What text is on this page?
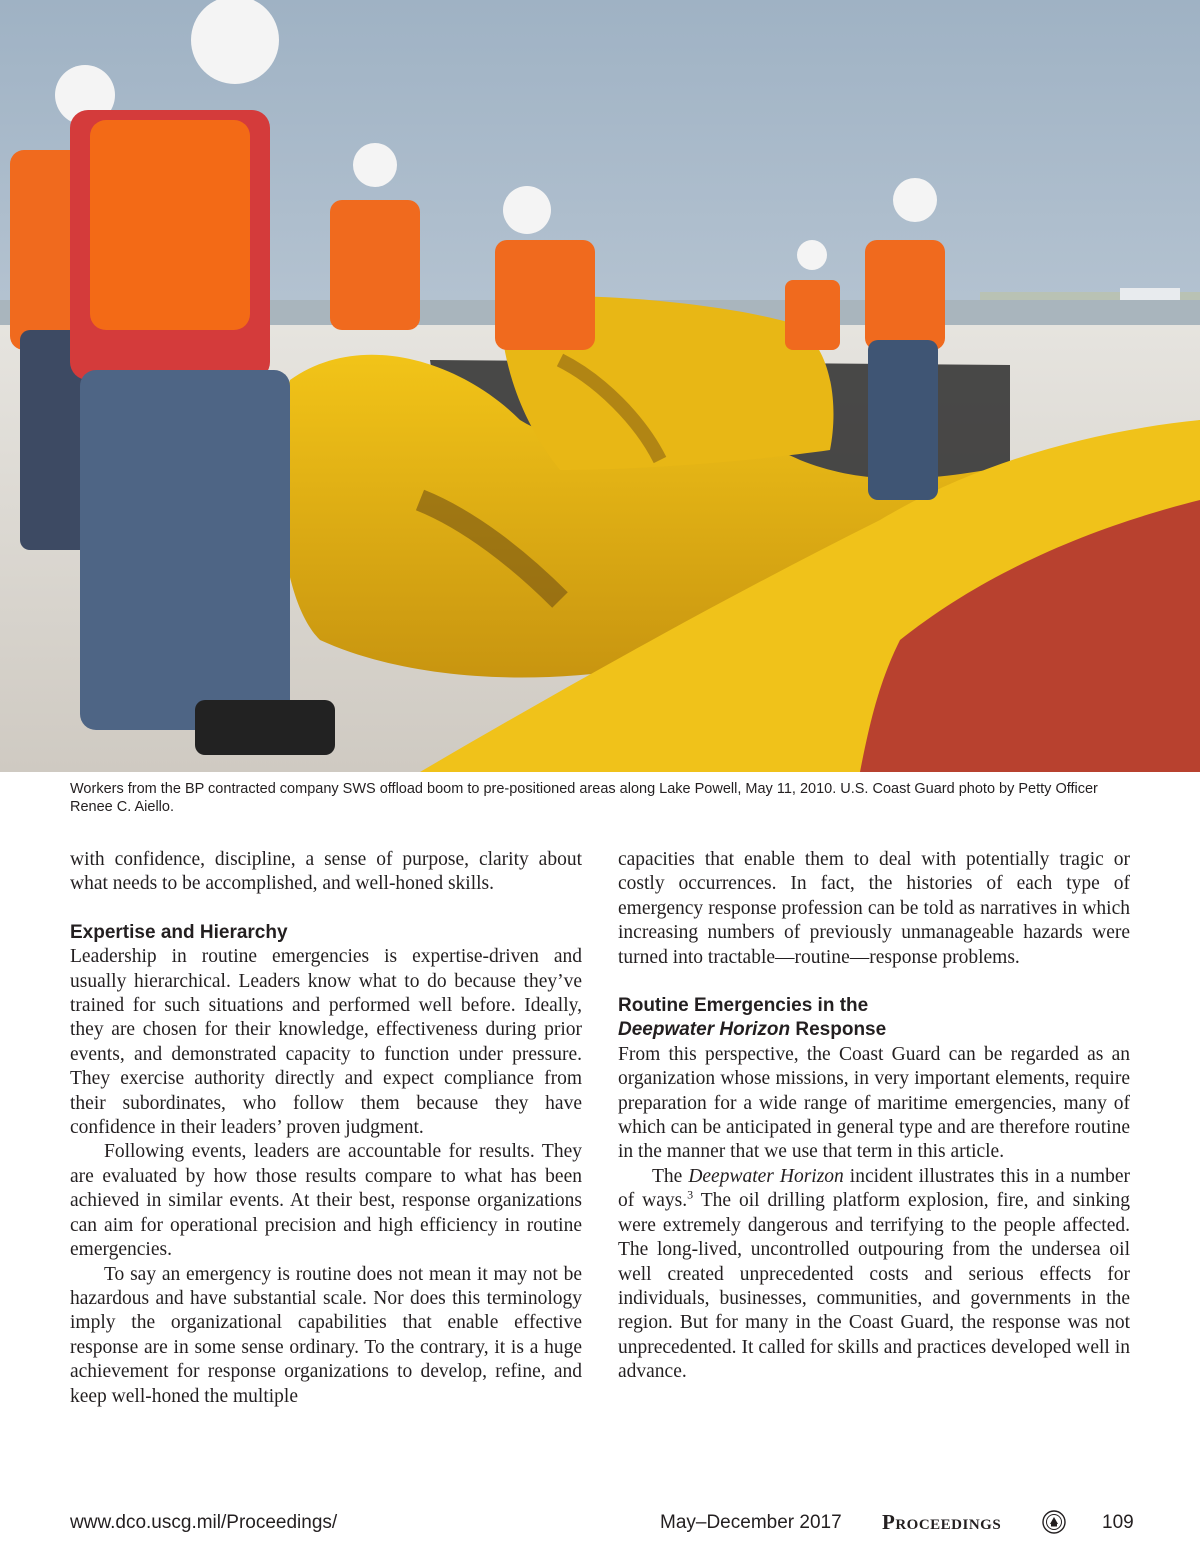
Workers from the BP contracted company SWS offload boom to pre-positioned areas along Lake Powell, May 11, 2010. U.S. Coast Guard photo by Petty Officer Renee C. Aiello.

with confidence, discipline, a sense of purpose, clarity about what needs to be accomplished, and well-honed skills.

Expertise and Hierarchy

Leadership in routine emergencies is expertise-driven and usually hierarchical. Leaders know what to do because they’ve trained for such situations and performed well before. Ideally, they are chosen for their knowledge, effectiveness during prior events, and demonstrated capacity to function under pressure. They exercise authority directly and expect compliance from their subordinates, who follow them because they have confidence in their leaders’ proven judgment.

Following events, leaders are accountable for results. They are evaluated by how those results compare to what has been achieved in similar events. At their best, response organizations can aim for operational precision and high efficiency in routine emergencies.

To say an emergency is routine does not mean it may not be hazardous and have substantial scale. Nor does this terminology imply the organizational capabilities that enable effective response are in some sense ordinary. To the contrary, it is a huge achievement for response organizations to develop, refine, and keep well-honed the multiple

capacities that enable them to deal with potentially tragic or costly occurrences. In fact, the histories of each type of emergency response profession can be told as narratives in which increasing numbers of previously unmanageable hazards were turned into tractable—routine—response problems.

Routine Emergencies in the
Deepwater Horizon Response

From this perspective, the Coast Guard can be regarded as an organization whose missions, in very important elements, require preparation for a wide range of maritime emergencies, many of which can be anticipated in general type and are therefore routine in the manner that we use that term in this article.

The Deepwater Horizon incident illustrates this in a number of ways.$^3$ The oil drilling platform explosion, fire, and sinking were extremely dangerous and terrifying to the people affected. The long-lived, uncontrolled outpouring from the undersea oil well created unprecedented costs and serious effects for individuals, businesses, communities, and governments in the region. But for many in the Coast Guard, the response was not unprecedented. It called for skills and practices developed well in advance.

www.dco.uscg.mil/Proceedings/	May–December 2017 Proceedings	109
